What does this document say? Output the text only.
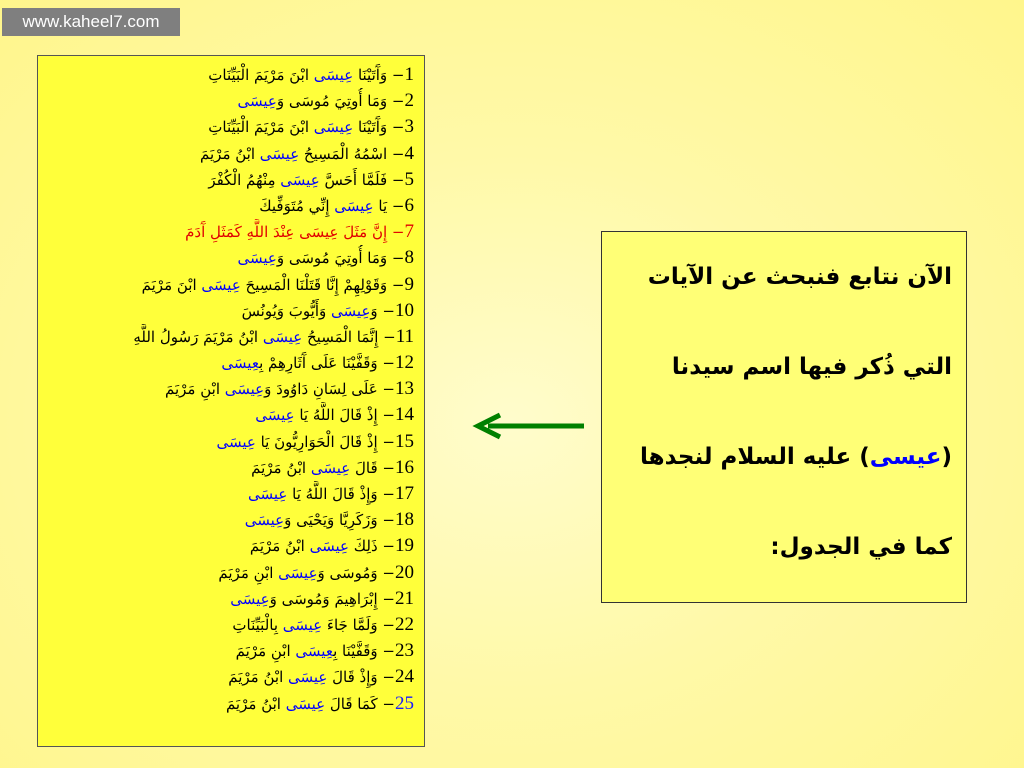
www.kaheel7.com
1− وَآَتَيْنَا عِيسَى ابْنَ مَرْيَمَ الْبَيِّنَاتِ
2− وَمَا أُوتِيَ مُوسَى وَعِيسَى
3− وَآَتَيْنَا عِيسَى ابْنَ مَرْيَمَ الْبَيِّنَاتِ
4− اسْمُهُ الْمَسِيحُ عِيسَى ابْنُ مَرْيَمَ
5− فَلَمَّا أَحَسَّ عِيسَى مِنْهُمُ الْكُفْرَ
6− يَا عِيسَى إِنِّي مُتَوَفِّيكَ
7− إِنَّ مَثَلَ عِيسَى عِنْدَ اللَّهِ كَمَثَلِ آَدَمَ
8− وَمَا أُوتِيَ مُوسَى وَعِيسَى
9− وَقَوْلِهِمْ إِنَّا قَتَلْنَا الْمَسِيحَ عِيسَى ابْنَ مَرْيَمَ
10− وَعِيسَى وَأَيُّوبَ وَيُونُسَ
11− إِنَّمَا الْمَسِيحُ عِيسَى ابْنُ مَرْيَمَ رَسُولُ اللَّهِ
12− وَقَفَّيْنَا عَلَى آَثَارِهِمْ بِعِيسَى
13− عَلَى لِسَانِ دَاوُودَ وَعِيسَى ابْنِ مَرْيَمَ
14− إِذْ قَالَ اللَّهُ يَا عِيسَى
15− إِذْ قَالَ الْحَوَارِيُّونَ يَا عِيسَى
16− قَالَ عِيسَى ابْنُ مَرْيَمَ
17− وَإِذْ قَالَ اللَّهُ يَا عِيسَى
18− وَزَكَرِيَّا وَيَحْيَى وَعِيسَى
19− ذَلِكَ عِيسَى ابْنُ مَرْيَمَ
20− وَمُوسَى وَعِيسَى ابْنِ مَرْيَمَ
21− إِبْرَاهِيمَ وَمُوسَى وَعِيسَى
22− وَلَمَّا جَاءَ عِيسَى بِالْبَيِّنَاتِ
23− وَقَفَّيْنَا بِعِيسَى ابْنِ مَرْيَمَ
24− وَإِذْ قَالَ عِيسَى ابْنُ مَرْيَمَ
25− كَمَا قَالَ عِيسَى ابْنُ مَرْيَمَ
الآن نتابع فنبحث عن الآيات
التي ذُكر فيها اسم سيدنا
(عيسى) عليه السلام لنجدها
كما في الجدول:
